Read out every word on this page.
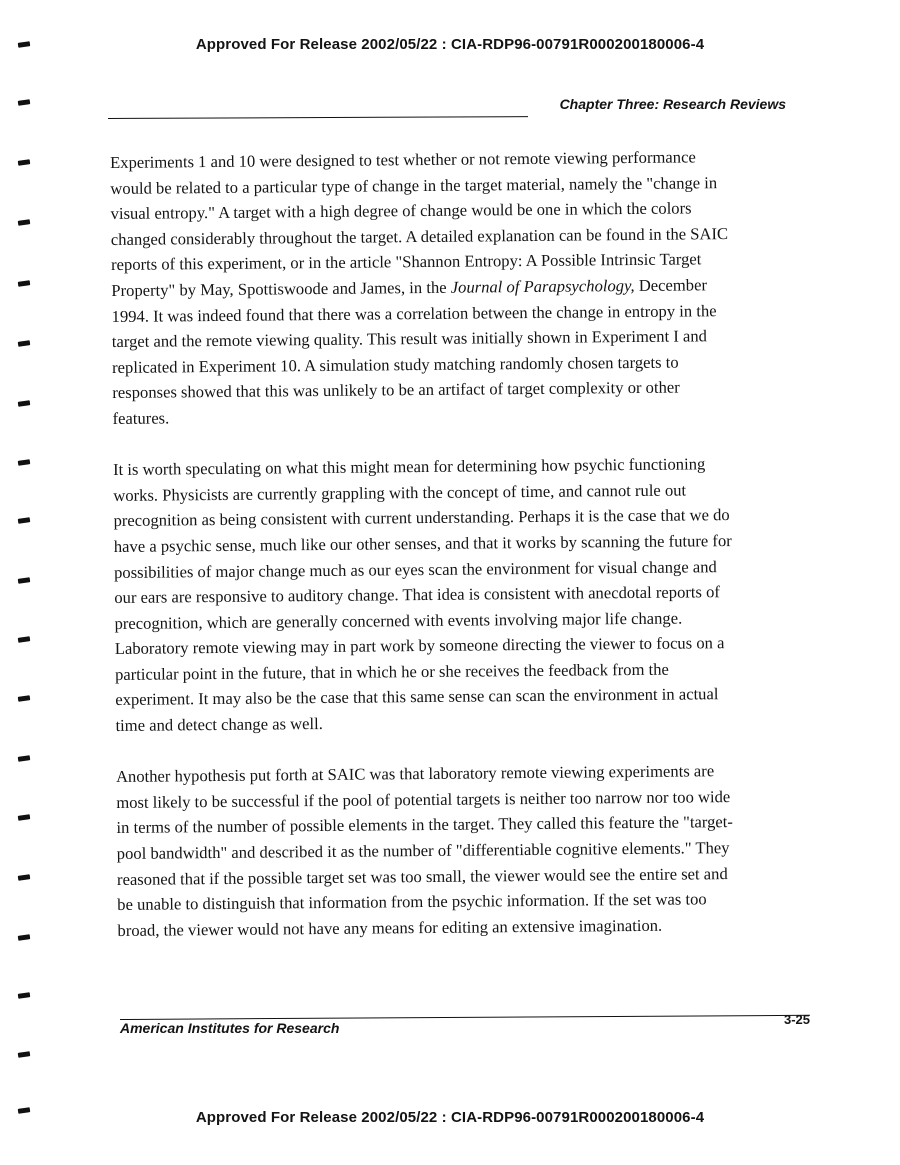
Approved For Release 2002/05/22 : CIA-RDP96-00791R000200180006-4
Chapter Three: Research Reviews

Experiments 1 and 10 were designed to test whether or not remote viewing performance
would be related to a particular type of change in the target material, namely the "change in
visual entropy." A target with a high degree of change would be one in which the colors
changed considerably throughout the target. A detailed explanation can be found in the SAIC
reports of this experiment, or in the article "Shannon Entropy: A Possible Intrinsic Target
Property" by May, Spottiswoode and James, in the Journal of Parapsychology, December
1994. It was indeed found that there was a correlation between the change in entropy in the
target and the remote viewing quality. This result was initially shown in Experiment I and
replicated in Experiment 10. A simulation study matching randomly chosen targets to
responses showed that this was unlikely to be an artifact of target complexity or other
features.

It is worth speculating on what this might mean for determining how psychic functioning
works. Physicists are currently grappling with the concept of time, and cannot rule out
precognition as being consistent with current understanding. Perhaps it is the case that we do
have a psychic sense, much like our other senses, and that it works by scanning the future for
possibilities of major change much as our eyes scan the environment for visual change and
our ears are responsive to auditory change. That idea is consistent with anecdotal reports of
precognition, which are generally concerned with events involving major life change.
Laboratory remote viewing may in part work by someone directing the viewer to focus on a
particular point in the future, that in which he or she receives the feedback from the
experiment. It may also be the case that this same sense can scan the environment in actual
time and detect change as well.

Another hypothesis put forth at SAIC was that laboratory remote viewing experiments are
most likely to be successful if the pool of potential targets is neither too narrow nor too wide
in terms of the number of possible elements in the target. They called this feature the "target-
pool bandwidth" and described it as the number of "differentiable cognitive elements." They
reasoned that if the possible target set was too small, the viewer would see the entire set and
be unable to distinguish that information from the psychic information. If the set was too
broad, the viewer would not have any means for editing an extensive imagination.

American Institutes for Research
3-25
Approved For Release 2002/05/22 : CIA-RDP96-00791R000200180006-4
